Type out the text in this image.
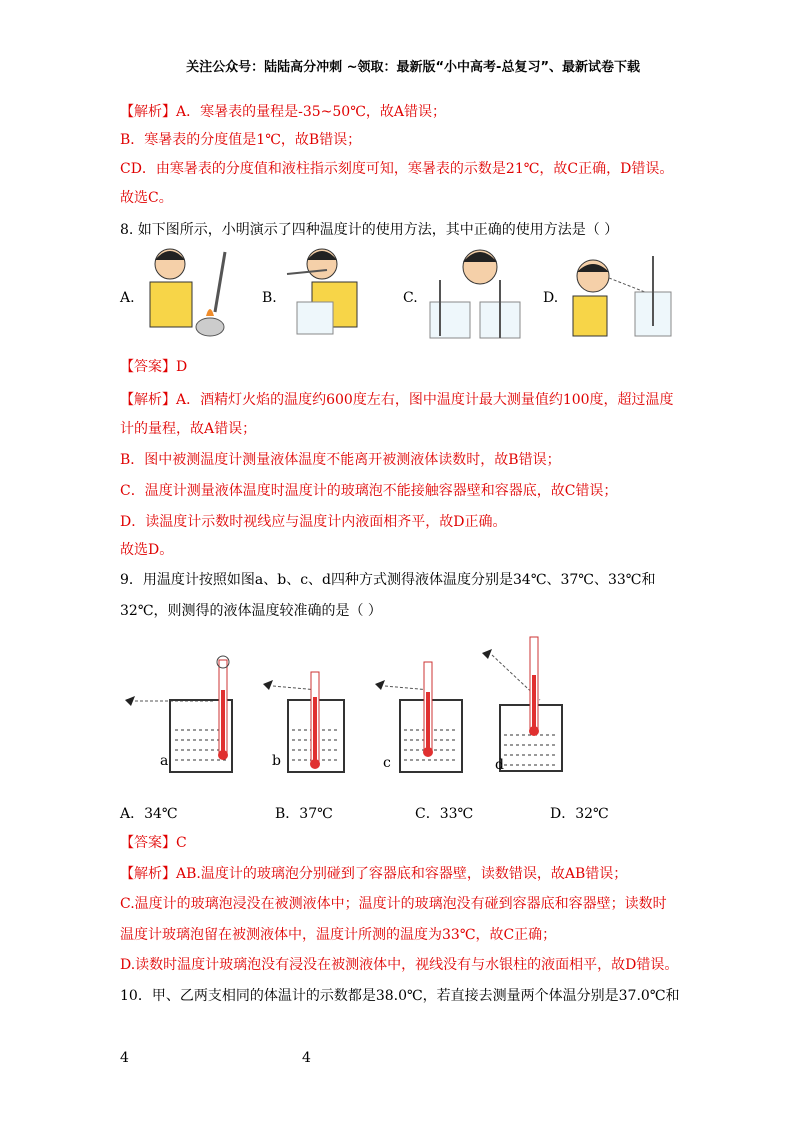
关注公众号：陆陆高分冲刺 ~领取：最新版“小中高考-总复习”、最新试卷下载
【解析】A．寒暑表的量程是-35~50℃，故A错误；
B．寒暑表的分度值是1℃，故B错误；
CD．由寒暑表的分度值和液柱指示刻度可知，寒暑表的示数是21℃，故C正确，D错误。
故选C。
8. 如下图所示，小明演示了四种温度计的使用方法，其中正确的使用方法是（ ）
A.	B.	C.	D.
【答案】D
【解析】A．酒精灯火焰的温度约600度左右，图中温度计最大测量值约100度，超过温度
计的量程，故A错误；
B．图中被测温度计测量液体温度不能离开被测液体读数时，故B错误；
C．温度计测量液体温度时温度计的玻璃泡不能接触容器壁和容器底，故C错误；
D．读温度计示数时视线应与温度计内液面相齐平，故D正确。
故选D。
9．用温度计按照如图a、b、c、d四种方式测得液体温度分别是34℃、37℃、33℃和
32℃，则测得的液体温度较准确的是（ ）
a	b	c	d
A．34℃	B．37℃	C．33℃	D．32℃
【答案】C
【解析】AB.温度计的玻璃泡分别碰到了容器底和容器壁，读数错误，故AB错误；
C.温度计的玻璃泡浸没在被测液体中；温度计的玻璃泡没有碰到容器底和容器壁；读数时
温度计玻璃泡留在被测液体中，温度计所测的温度为33℃，故C正确；
D.读数时温度计玻璃泡没有浸没在被测液体中，视线没有与水银柱的液面相平，故D错误。
10．甲、乙两支相同的体温计的示数都是38.0℃，若直接去测量两个体温分别是37.0℃和
4	4
